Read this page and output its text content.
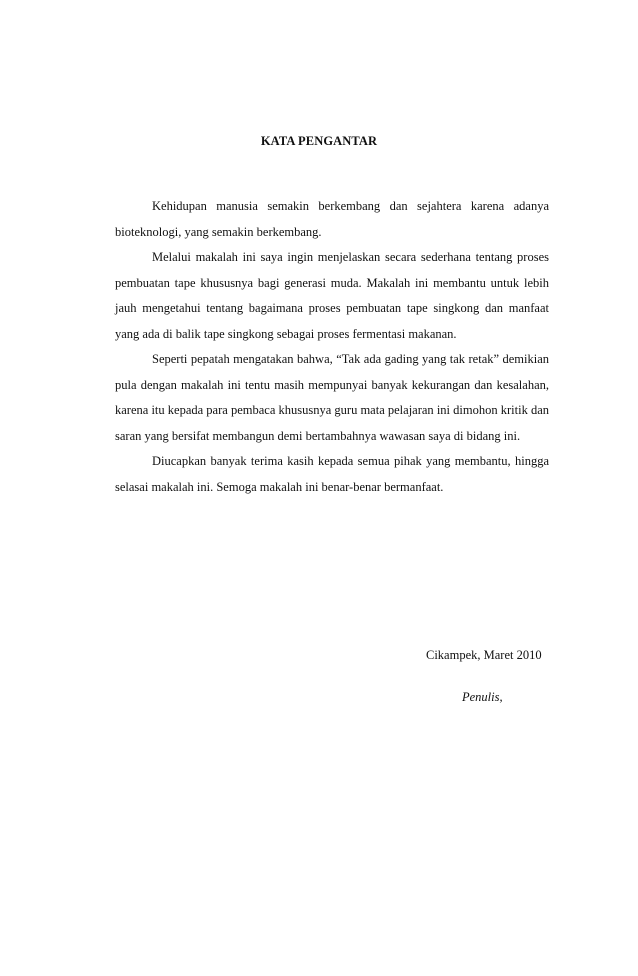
KATA PENGANTAR

Kehidupan manusia semakin berkembang dan sejahtera karena adanya bioteknologi, yang semakin berkembang.

Melalui makalah ini saya ingin menjelaskan secara sederhana tentang proses pembuatan tape khususnya bagi generasi muda. Makalah ini membantu untuk lebih jauh mengetahui tentang bagaimana proses pembuatan tape singkong dan manfaat yang ada di balik tape singkong sebagai proses fermentasi makanan.

Seperti pepatah mengatakan bahwa, “Tak ada gading yang tak retak” demikian pula dengan makalah ini tentu masih mempunyai banyak kekurangan dan kesalahan, karena itu kepada para pembaca khususnya guru mata pelajaran ini dimohon kritik dan saran yang bersifat membangun demi bertambahnya wawasan saya di bidang ini.

Diucapkan banyak terima kasih kepada semua pihak yang membantu, hingga selasai makalah ini. Semoga makalah ini benar-benar bermanfaat.

Cikampek, Maret 2010
Penulis,
